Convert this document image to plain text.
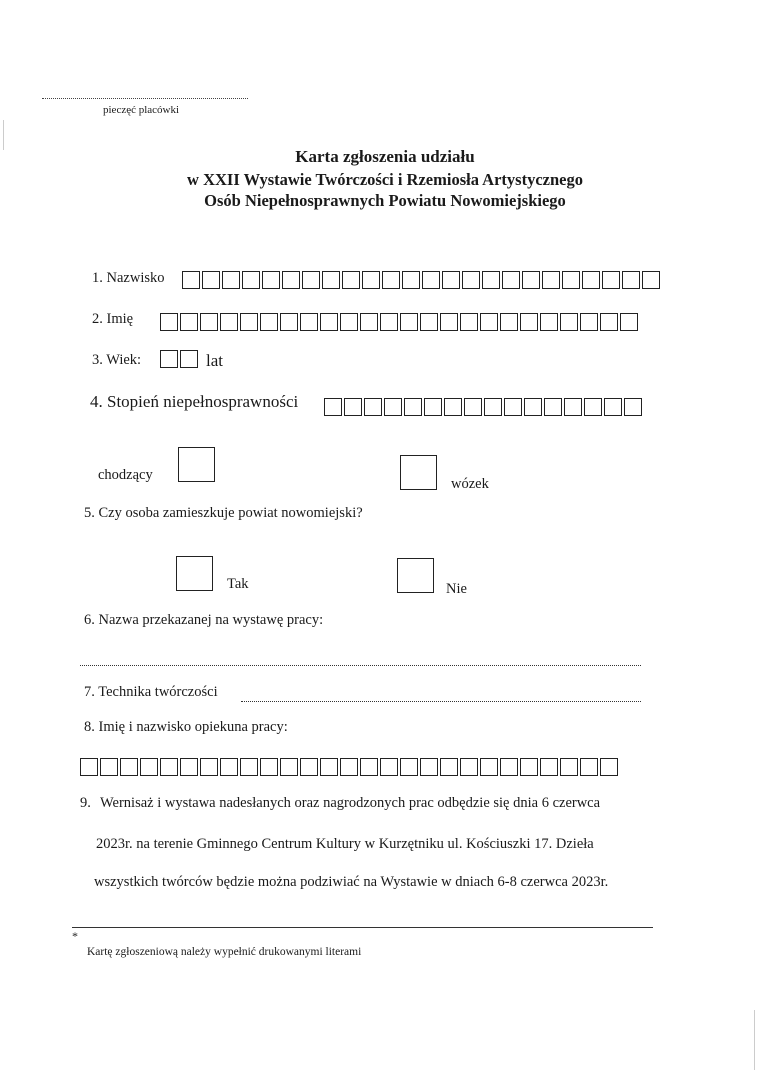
pieczęć placówki
Karta zgłoszenia udziału
w XXII Wystawie Twórczości i Rzemiosła Artystycznego
Osób Niepełnosprawnych Powiatu Nowomiejskiego
1. Nazwisko
2. Imię
3. Wiek:	lat
4. Stopień niepełnosprawności
chodzący
wózek
5. Czy osoba zamieszkuje powiat nowomiejski?
Tak	Nie
6. Nazwa przekazanej na wystawę pracy:
7. Technika twórczości
8. Imię i nazwisko opiekuna pracy:
9. Wernisaż i wystawa nadesłanych oraz nagrodzonych prac odbędzie się dnia 6 czerwca
2023r. na terenie Gminnego Centrum Kultury w Kurzętniku ul. Kościuszki 17. Dzieła
wszystkich twórców będzie można podziwiać na Wystawie w dniach 6-8 czerwca 2023r.
*
Kartę zgłoszeniową należy wypełnić drukowanymi literami
